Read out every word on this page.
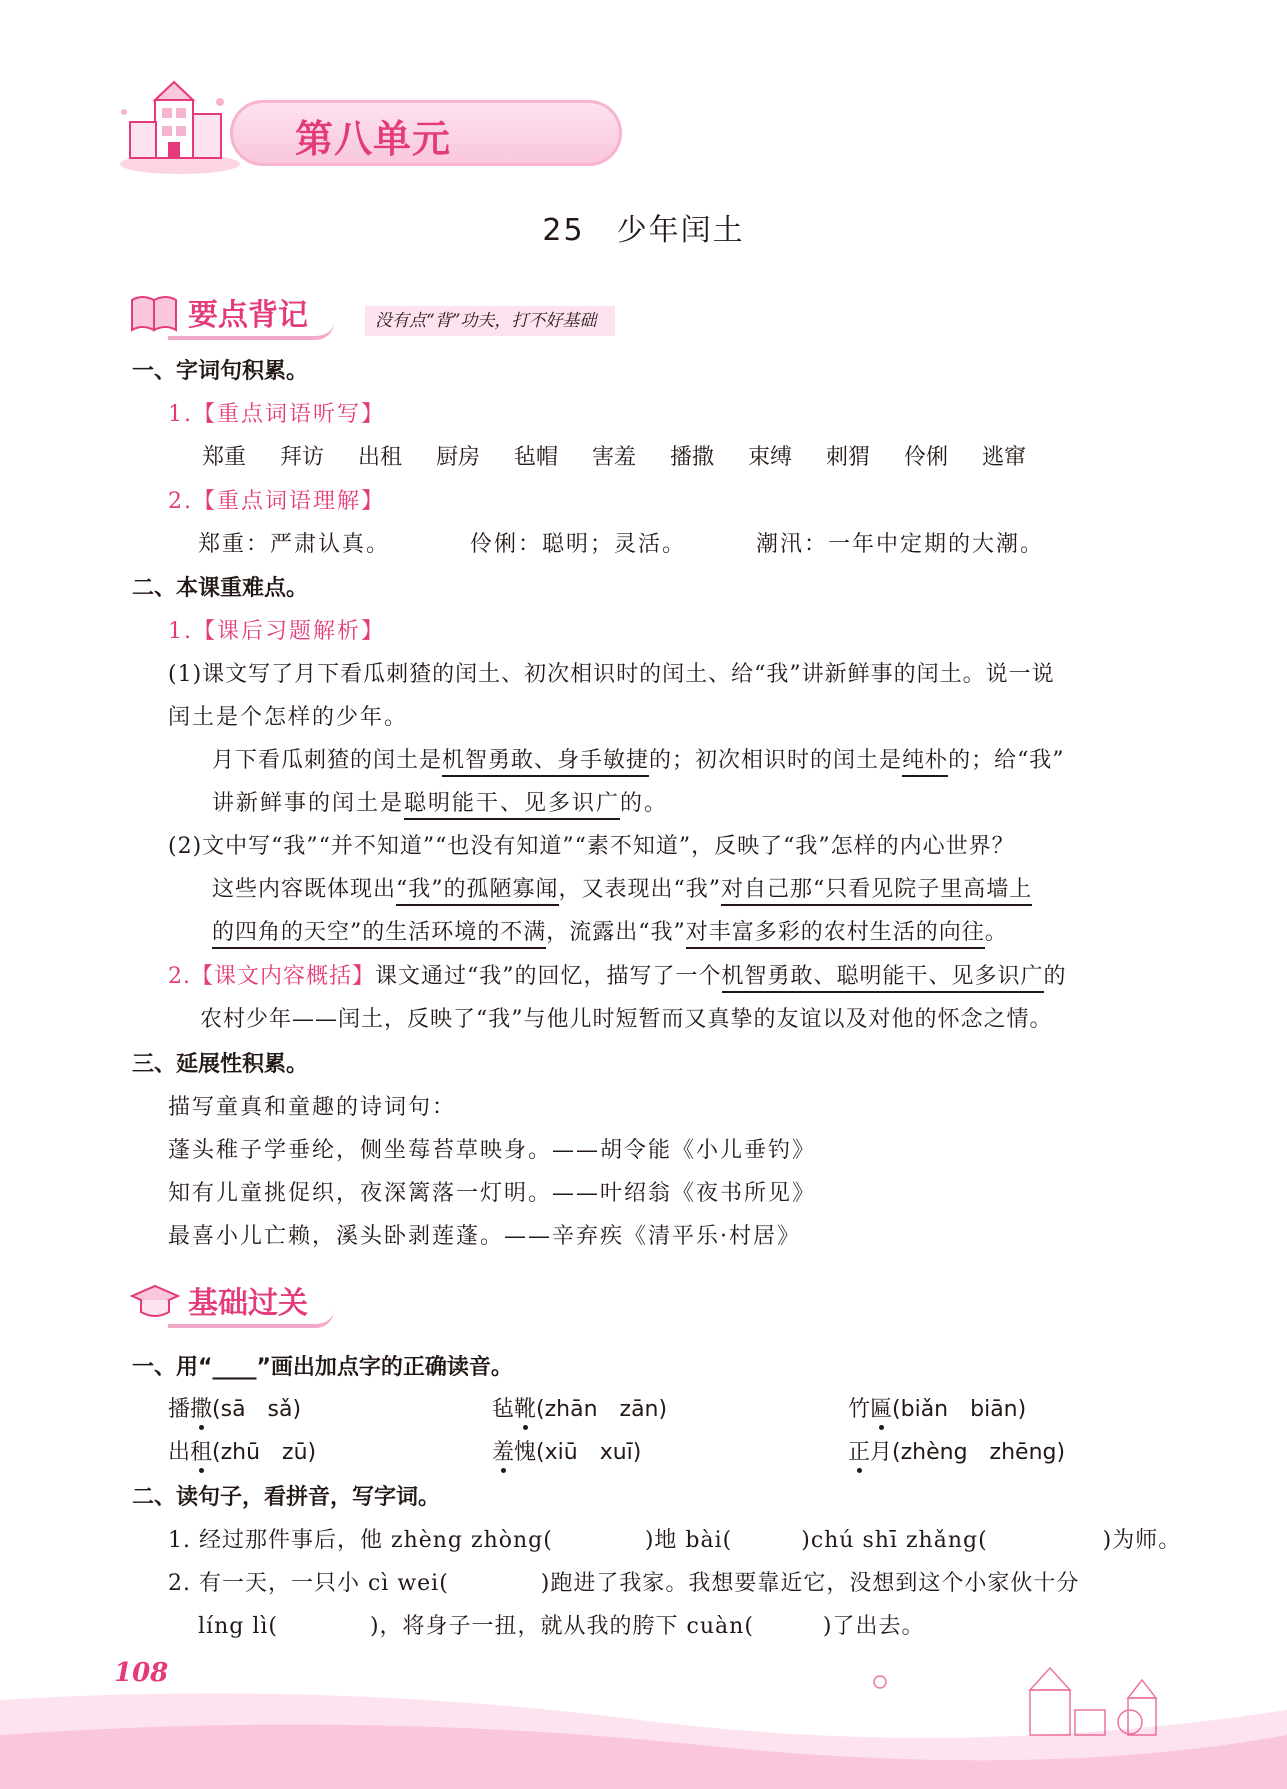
第八单元
25　少年闰土
要点背记	没有点“背”功夫，打不好基础
一、字词句积累。
1.【重点词语听写】
郑重 拜访 出租 厨房 毡帽 害羞 播撒 束缚 刺猬 伶俐 逃窜
2.【重点词语理解】
郑重：严肃认真。	伶俐：聪明；灵活。	潮汛：一年中定期的大潮。
二、本课重难点。
1.【课后习题解析】
(1)课文写了月下看瓜刺猹的闰土、初次相识时的闰土、给“我”讲新鲜事的闰土。说一说
闰土是个怎样的少年。
月下看瓜刺猹的闰土是机智勇敢、身手敏捷的；初次相识时的闰土是纯朴的；给“我”
讲新鲜事的闰土是聪明能干、见多识广的。
(2)文中写“我”“并不知道”“也没有知道”“素不知道”，反映了“我”怎样的内心世界？
这些内容既体现出“我”的孤陋寡闻，又表现出“我”对自己那“只看见院子里高墙上
的四角的天空”的生活环境的不满，流露出“我”对丰富多彩的农村生活的向往。
2.【课文内容概括】课文通过“我”的回忆，描写了一个机智勇敢、聪明能干、见多识广的
农村少年——闰土，反映了“我”与他儿时短暂而又真挚的友谊以及对他的怀念之情。
三、延展性积累。
描写童真和童趣的诗词句：
蓬头稚子学垂纶，侧坐莓苔草映身。——胡令能《小儿垂钓》
知有儿童挑促织，夜深篱落一灯明。——叶绍翁《夜书所见》
最喜小儿亡赖，溪头卧剥莲蓬。——辛弃疾《清平乐·村居》
基础过关
一、用“____”画出加点字的正确读音。
播撒(sā　sǎ)	毡靴(zhān　zān)	竹匾(biǎn　biān)
出租(zhū　zū)	羞愧(xiū　xuī)	正月(zhèng　zhēng)
二、读句子，看拼音，写字词。
1. 经过那件事后，他 zhèng zhòng(　　　　)地 bài(　　　)chú shī zhǎng(　　　　　)为师。
2. 有一天，一只小 cì wei(　　　　)跑进了我家。我想要靠近它，没想到这个小家伙十分
líng lì(　　　　)，将身子一扭，就从我的胯下 cuàn(　　　)了出去。
108
